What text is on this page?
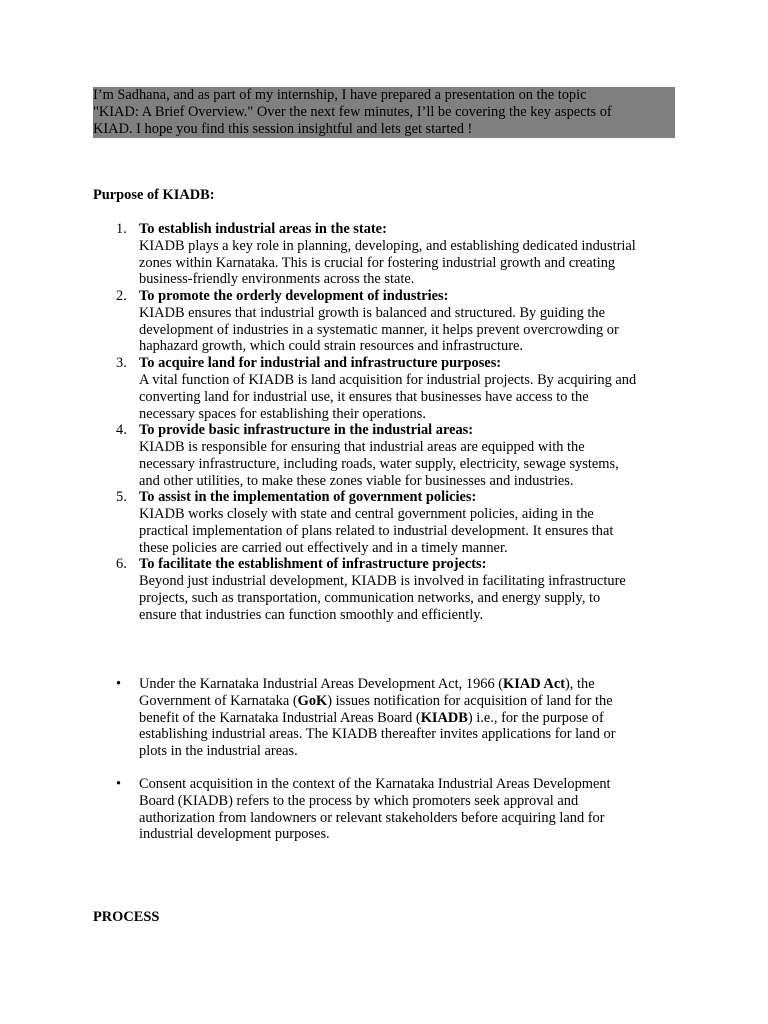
I’m Sadhana, and as part of my internship, I have prepared a presentation on the topic
"KIAD: A Brief Overview." Over the next few minutes, I’ll be covering the key aspects of
KIAD. I hope you find this session insightful and lets get started !

Purpose of KIADB:

1. To establish industrial areas in the state:
KIADB plays a key role in planning, developing, and establishing dedicated industrial
zones within Karnataka. This is crucial for fostering industrial growth and creating
business-friendly environments across the state.
2. To promote the orderly development of industries:
KIADB ensures that industrial growth is balanced and structured. By guiding the
development of industries in a systematic manner, it helps prevent overcrowding or
haphazard growth, which could strain resources and infrastructure.
3. To acquire land for industrial and infrastructure purposes:
A vital function of KIADB is land acquisition for industrial projects. By acquiring and
converting land for industrial use, it ensures that businesses have access to the
necessary spaces for establishing their operations.
4. To provide basic infrastructure in the industrial areas:
KIADB is responsible for ensuring that industrial areas are equipped with the
necessary infrastructure, including roads, water supply, electricity, sewage systems,
and other utilities, to make these zones viable for businesses and industries.
5. To assist in the implementation of government policies:
KIADB works closely with state and central government policies, aiding in the
practical implementation of plans related to industrial development. It ensures that
these policies are carried out effectively and in a timely manner.
6. To facilitate the establishment of infrastructure projects:
Beyond just industrial development, KIADB is involved in facilitating infrastructure
projects, such as transportation, communication networks, and energy supply, to
ensure that industries can function smoothly and efficiently.
• Under the Karnataka Industrial Areas Development Act, 1966 (KIAD Act), the
Government of Karnataka (GoK) issues notification for acquisition of land for the
benefit of the Karnataka Industrial Areas Board (KIADB) i.e., for the purpose of
establishing industrial areas. The KIADB thereafter invites applications for land or
plots in the industrial areas.
• Consent acquisition in the context of the Karnataka Industrial Areas Development
Board (KIADB) refers to the process by which promoters seek approval and
authorization from landowners or relevant stakeholders before acquiring land for
industrial development purposes.

PROCESS
